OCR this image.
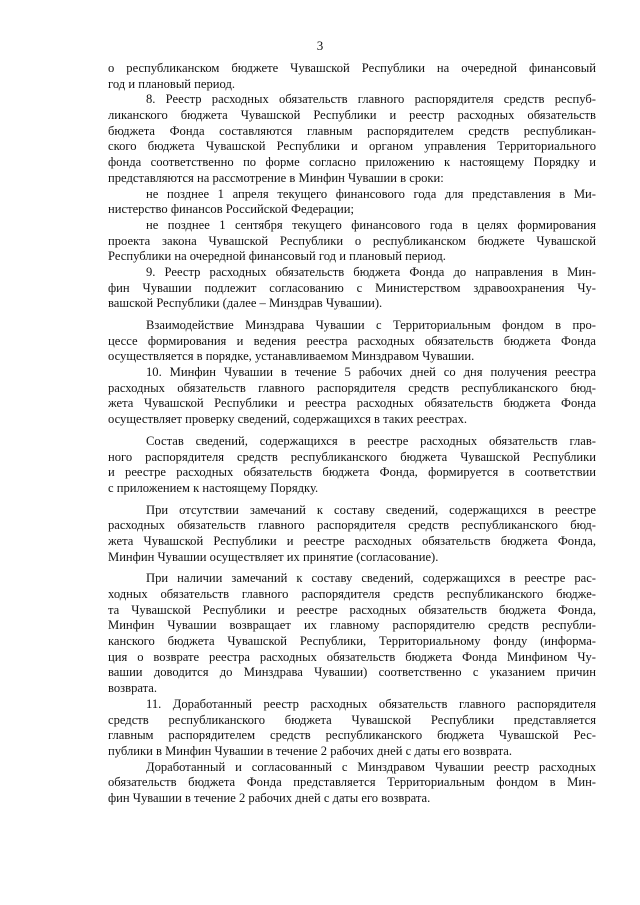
3
о республиканском бюджете Чувашской Республики на очередной финансовый
год и плановый период.
8. Реестр расходных обязательств главного распорядителя средств респуб-
ликанского бюджета Чувашской Республики и реестр расходных обязательств
бюджета Фонда составляются главным распорядителем средств республикан-
ского бюджета Чувашской Республики и органом управления Территориального
фонда соответственно по форме согласно приложению к настоящему Порядку и
представляются на рассмотрение в Минфин Чувашии в сроки:
не позднее 1 апреля текущего финансового года для представления в Ми-
нистерство финансов Российской Федерации;
не позднее 1 сентября текущего финансового года в целях формирования
проекта закона Чувашской Республики о республиканском бюджете Чувашской
Республики на очередной финансовый год и плановый период.
9. Реестр расходных обязательств бюджета Фонда до направления в Мин-
фин Чувашии подлежит согласованию с Министерством здравоохранения Чу-
вашской Республики (далее – Минздрав Чувашии).
Взаимодействие Минздрава Чувашии с Территориальным фондом в про-
цессе формирования и ведения реестра расходных обязательств бюджета Фонда
осуществляется в порядке, устанавливаемом Минздравом Чувашии.
10. Минфин Чувашии в течение 5 рабочих дней со дня получения реестра
расходных обязательств главного распорядителя средств республиканского бюд-
жета Чувашской Республики и реестра расходных обязательств бюджета Фонда
осуществляет проверку сведений, содержащихся в таких реестрах.
Состав сведений, содержащихся в реестре расходных обязательств глав-
ного распорядителя средств республиканского бюджета Чувашской Республики
и реестре расходных обязательств бюджета Фонда, формируется в соответствии
с приложением к настоящему Порядку.
При отсутствии замечаний к составу сведений, содержащихся в реестре
расходных обязательств главного распорядителя средств республиканского бюд-
жета Чувашской Республики и реестре расходных обязательств бюджета Фонда,
Минфин Чувашии осуществляет их принятие (согласование).
При наличии замечаний к составу сведений, содержащихся в реестре рас-
ходных обязательств главного распорядителя средств республиканского бюдже-
та Чувашской Республики и реестре расходных обязательств бюджета Фонда,
Минфин Чувашии возвращает их главному распорядителю средств республи-
канского бюджета Чувашской Республики, Территориальному фонду (информа-
ция о возврате реестра расходных обязательств бюджета Фонда Минфином Чу-
вашии доводится до Минздрава Чувашии) соответственно с указанием причин
возврата.
11. Доработанный реестр расходных обязательств главного распорядителя
средств республиканского бюджета Чувашской Республики представляется
главным распорядителем средств республиканского бюджета Чувашской Рес-
публики в Минфин Чувашии в течение 2 рабочих дней с даты его возврата.
Доработанный и согласованный с Минздравом Чувашии реестр расходных
обязательств бюджета Фонда представляется Территориальным фондом в Мин-
фин Чувашии в течение 2 рабочих дней с даты его возврата.
